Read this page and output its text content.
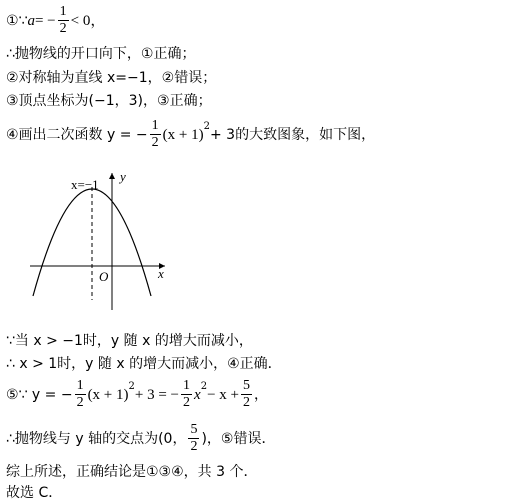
①∵ a = − $\frac{1}{2} < 0$，
∴抛物线的开口向下，①正确；
②对称轴为直线 x=−1，②错误；
③顶点坐标为(−1，3)，③正确；
④画出二次函数 y = − $\frac{1}{2} (x + 1)$
2
+ 3的大致图象，如下图，
x=−1
y
x
O
∵当 x > −1时，y 随 x 的增大而减小，
∴ x > 1时，y 随 x 的增大而减小，④正确．
⑤∵ y = − $\frac{1}{2} (x + 1)$
2
+ 3 = − $\frac{1}{2}$ x
2
− $x + \frac{5}{2}$ ，
∴抛物线与 y 轴的交点为(0， $\frac{5}{2}$ )，⑤错误．
综上所述，正确结论是①③④，共 3 个．
故选 C．
